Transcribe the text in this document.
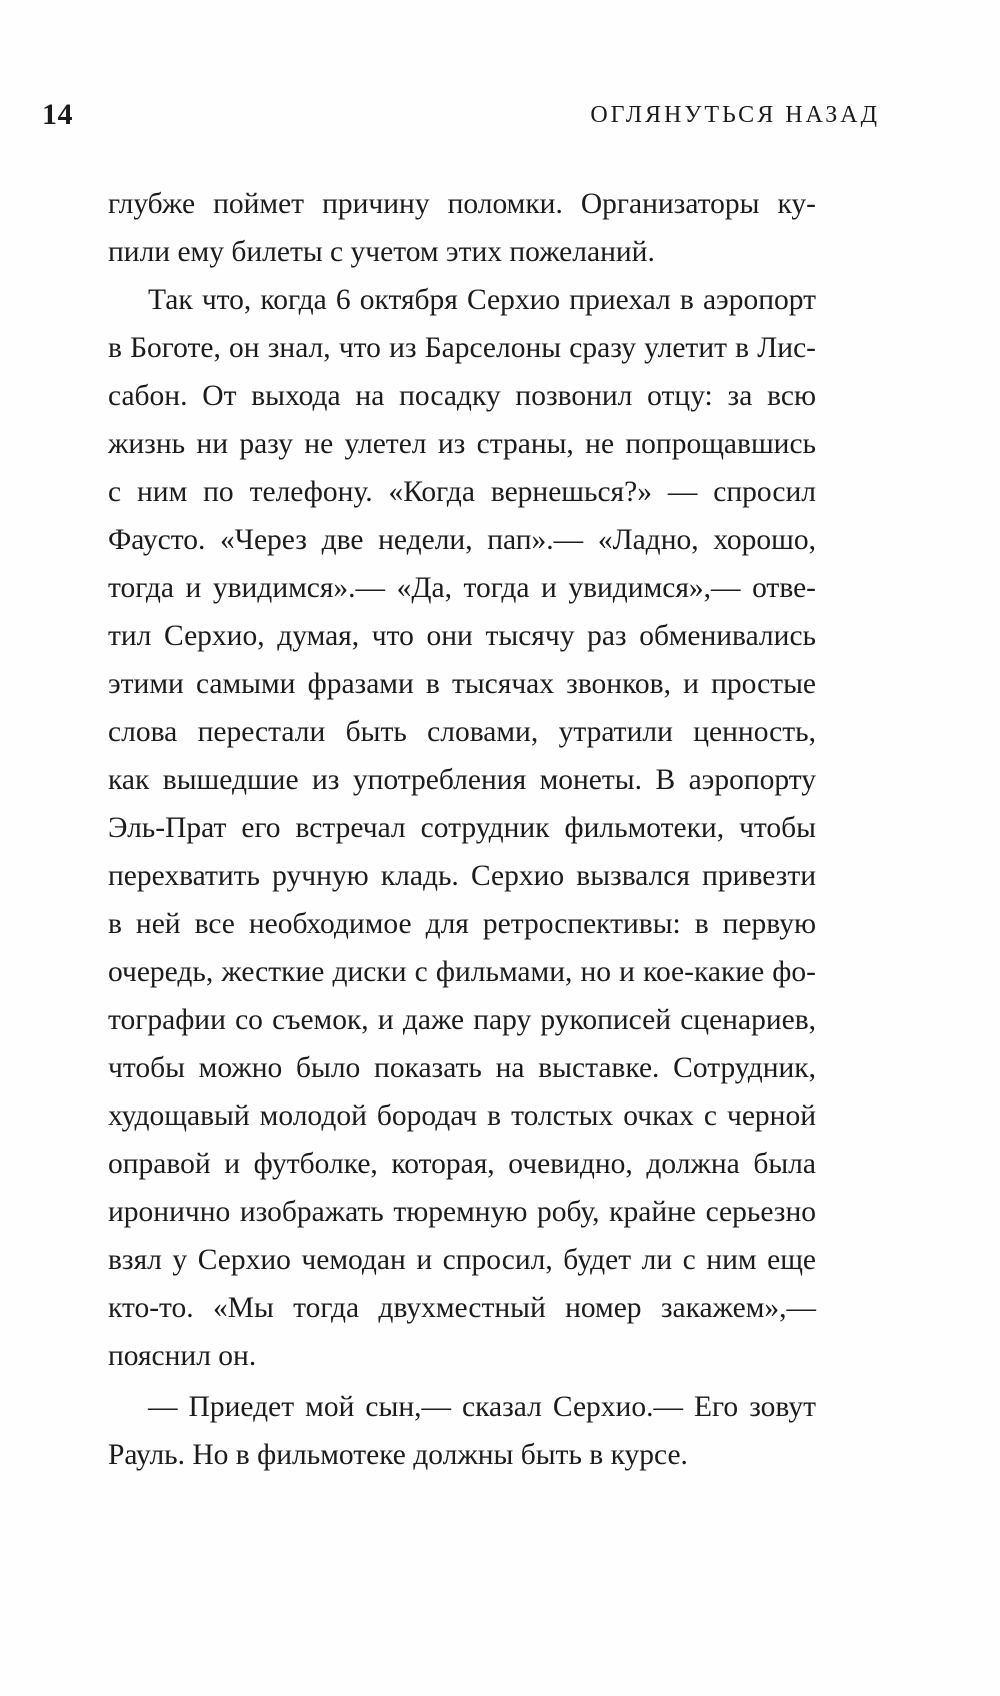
14	ОГЛЯНУТЬСЯ НАЗАД
глубже поймет причину поломки. Организаторы ку-
пили ему билеты с учетом этих пожеланий.
Так что, когда 6 октября Серхио приехал в аэропорт
в Боготе, он знал, что из Барселоны сразу улетит в Лис-
сабон. От выхода на посадку позвонил отцу: за всю
жизнь ни разу не улетел из страны, не попрощавшись
с ним по телефону. «Когда вернешься?» — спросил
Фаусто. «Через две недели, пап».— «Ладно, хорошо,
тогда и увидимся».— «Да, тогда и увидимся»,— отве-
тил Серхио, думая, что они тысячу раз обменивались
этими самыми фразами в тысячах звонков, и простые
слова перестали быть словами, утратили ценность,
как вышедшие из употребления монеты. В аэропорту
Эль-Прат его встречал сотрудник фильмотеки, чтобы
перехватить ручную кладь. Серхио вызвался привезти
в ней все необходимое для ретроспективы: в первую
очередь, жесткие диски с фильмами, но и кое-какие фо-
тографии со съемок, и даже пару рукописей сценариев,
чтобы можно было показать на выставке. Сотрудник,
худощавый молодой бородач в толстых очках с черной
оправой и футболке, которая, очевидно, должна была
иронично изображать тюремную робу, крайне серьезно
взял у Серхио чемодан и спросил, будет ли с ним еще
кто-то. «Мы тогда двухместный номер закажем»,—
пояснил он.
— Приедет мой сын,— сказал Серхио.— Его зовут
Рауль. Но в фильмотеке должны быть в курсе.
